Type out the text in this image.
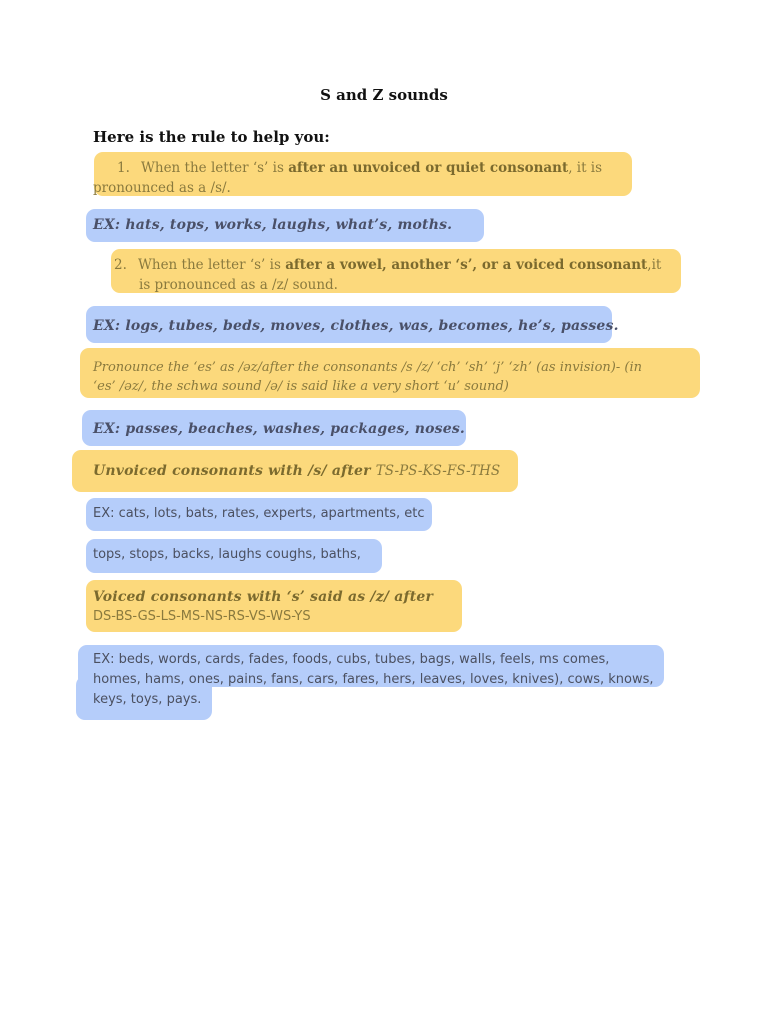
S and Z sounds
Here is the rule to help you:
1. When the letter ‘s’ is after an unvoiced or quiet consonant, it is
pronounced as a /s/.
EX: hats, tops, works, laughs, what’s, moths.
2. When the letter ‘s’ is after a vowel, another ‘s’, or a voiced consonant,it
is pronounced as a /z/ sound.
EX: logs, tubes, beds, moves, clothes, was, becomes, he’s, passes.
Pronounce the ‘es’ as /əz/after the consonants /s /z/ ‘ch’ ‘sh’ ‘j’ ‘zh’ (as invision)- (in
‘es’ /əz/, the schwa sound /ə/ is said like a very short ‘u’ sound)
EX: passes, beaches, washes, packages, noses.
Unvoiced consonants with /s/ after TS-PS-KS-FS-THS
EX: cats, lots, bats, rates, experts, apartments, etc
tops, stops, backs, laughs coughs, baths,
Voiced consonants with ‘s’ said as /z/ after
DS-BS-GS-LS-MS-NS-RS-VS-WS-YS
EX: beds, words, cards, fades, foods, cubs, tubes, bags, walls, feels, ms comes,
homes, hams, ones, pains, fans, cars, fares, hers, leaves, loves, knives), cows, knows,
keys, toys, pays.
